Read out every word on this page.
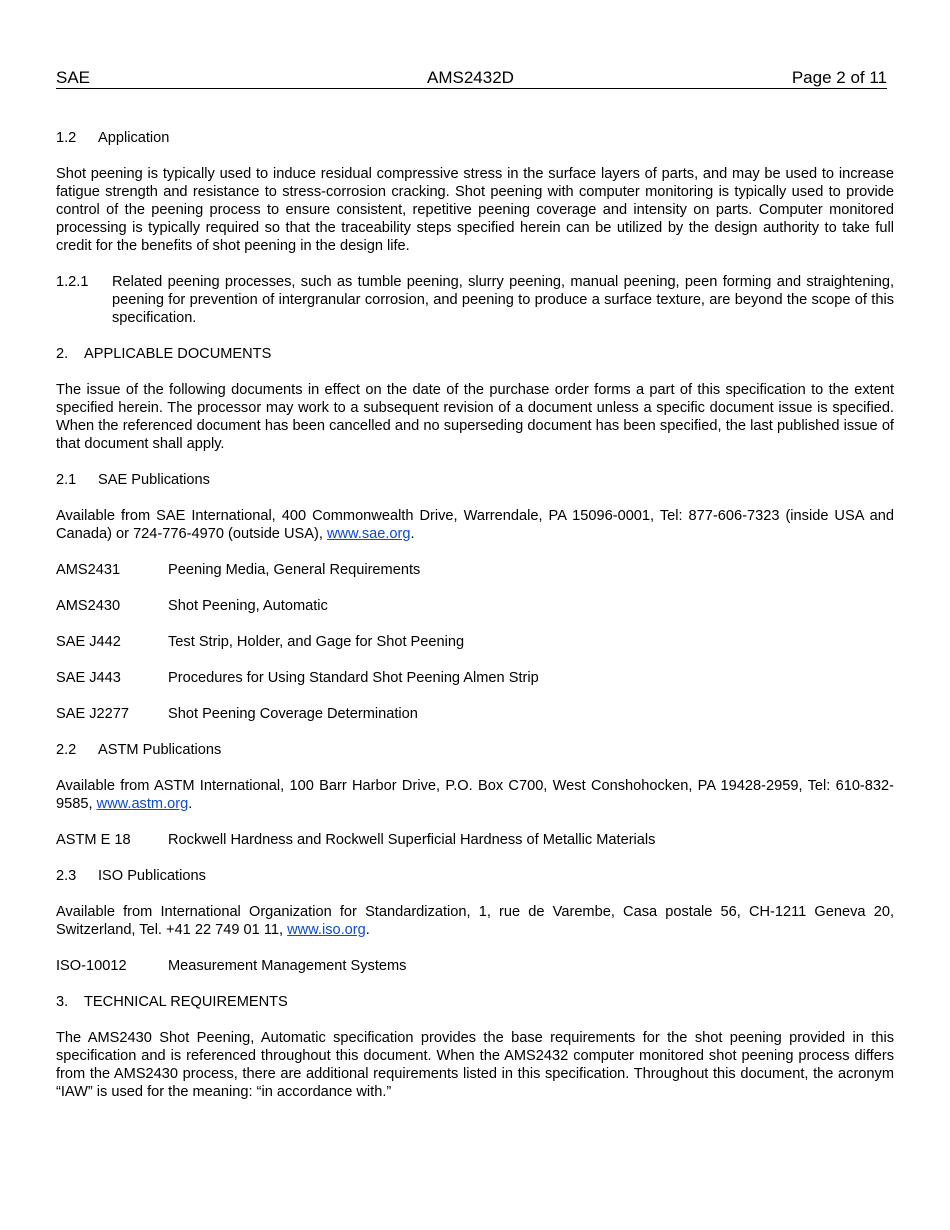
SAE	AMS2432D	Page 2 of 11

1.2 Application

Shot peening is typically used to induce residual compressive stress in the surface layers of parts, and may be used to increase fatigue strength and resistance to stress-corrosion cracking. Shot peening with computer monitoring is typically used to provide control of the peening process to ensure consistent, repetitive peening coverage and intensity on parts. Computer monitored processing is typically required so that the traceability steps specified herein can be utilized by the design authority to take full credit for the benefits of shot peening in the design life.

1.2.1	Related peening processes, such as tumble peening, slurry peening, manual peening, peen forming and straightening, peening for prevention of intergranular corrosion, and peening to produce a surface texture, are beyond the scope of this specification.

2. APPLICABLE DOCUMENTS

The issue of the following documents in effect on the date of the purchase order forms a part of this specification to the extent specified herein. The processor may work to a subsequent revision of a document unless a specific document issue is specified. When the referenced document has been cancelled and no superseding document has been specified, the last published issue of that document shall apply.

2.1 SAE Publications

Available from SAE International, 400 Commonwealth Drive, Warrendale, PA 15096-0001, Tel: 877-606-7323 (inside USA and Canada) or 724-776-4970 (outside USA), www.sae.org.

AMS2431	Peening Media, General Requirements
AMS2430	Shot Peening, Automatic
SAE J442	Test Strip, Holder, and Gage for Shot Peening
SAE J443	Procedures for Using Standard Shot Peening Almen Strip
SAE J2277	Shot Peening Coverage Determination

2.2 ASTM Publications

Available from ASTM International, 100 Barr Harbor Drive, P.O. Box C700, West Conshohocken, PA 19428-2959, Tel: 610-832-9585, www.astm.org.

ASTM E 18	Rockwell Hardness and Rockwell Superficial Hardness of Metallic Materials

2.3 ISO Publications

Available from International Organization for Standardization, 1, rue de Varembe, Casa postale 56, CH-1211 Geneva 20, Switzerland, Tel. +41 22 749 01 11, www.iso.org.

ISO-10012	Measurement Management Systems

3. TECHNICAL REQUIREMENTS

The AMS2430 Shot Peening, Automatic specification provides the base requirements for the shot peening provided in this specification and is referenced throughout this document. When the AMS2432 computer monitored shot peening process differs from the AMS2430 process, there are additional requirements listed in this specification. Throughout this document, the acronym “IAW” is used for the meaning: “in accordance with.”
